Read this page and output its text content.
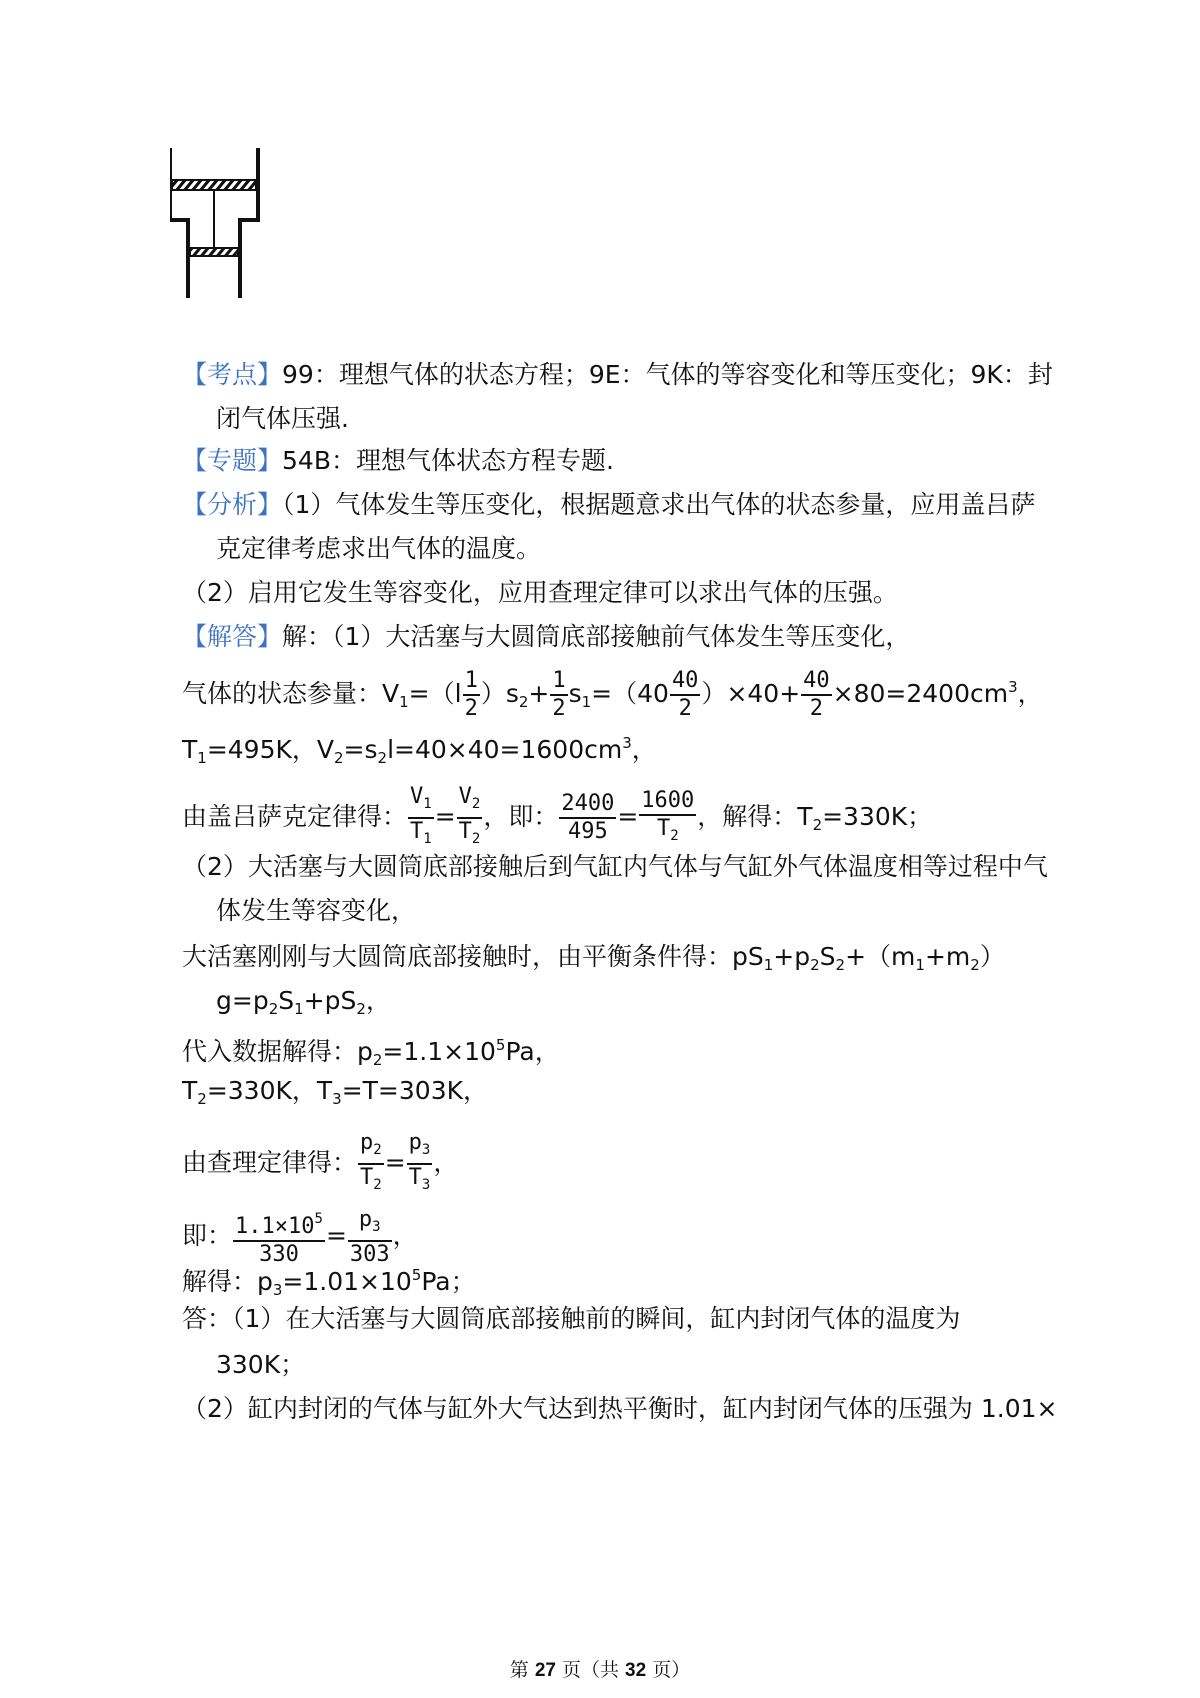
【考点】99：理想气体的状态方程；9E：气体的等容变化和等压变化；9K：封
闭气体压强.
【专题】54B：理想气体状态方程专题.
【分析】（1）气体发生等压变化，根据题意求出气体的状态参量，应用盖吕萨
克定律考虑求出气体的温度。
（2）启用它发生等容变化，应用查理定律可以求出气体的压强。
【解答】解：（1）大活塞与大圆筒底部接触前气体发生等压变化，
气体的状态参量：$V_1=(l \frac{1}{2} )s_2+ \frac{1}{2} s_1=(40 \frac{40}{2} )\times 40+ \frac{40}{2} \times 80=2400cm^3$，
$T_1=495K$，$V_2=s_2l=40\times 40=1600cm^3$，
由盖吕萨克定律得： $\frac{V_1}{T_1} = \frac{V_2}{T_2}$ ，即： $\frac{2400}{495} = \frac{1600}{T_2}$ ，解得：$T_2=330K$；
（2）大活塞与大圆筒底部接触后到气缸内气体与气缸外气体温度相等过程中气
体发生等容变化，
大活塞刚刚与大圆筒底部接触时，由平衡条件得：$pS_1+p_2S_2+(m_1+m_2)$
$g=p_2S_1+pS_2$，
代入数据解得：$p_2=1.1\times 10^5Pa$，
$T_2=330K$，$T_3=T=303K$，
由查理定律得： $\frac{p_2}{T_2} = \frac{p_3}{T_3}$ ，
即： $\frac{1.1\times 10^5}{330} = \frac{p_3}{303}$ ，
解得：$p_3=1.01\times 10^5Pa$；
答：（1）在大活塞与大圆筒底部接触前的瞬间，缸内封闭气体的温度为
330K；
（2）缸内封闭的气体与缸外大气达到热平衡时，缸内封闭气体的压强为 1.01×
第 27 页（共 32 页）
